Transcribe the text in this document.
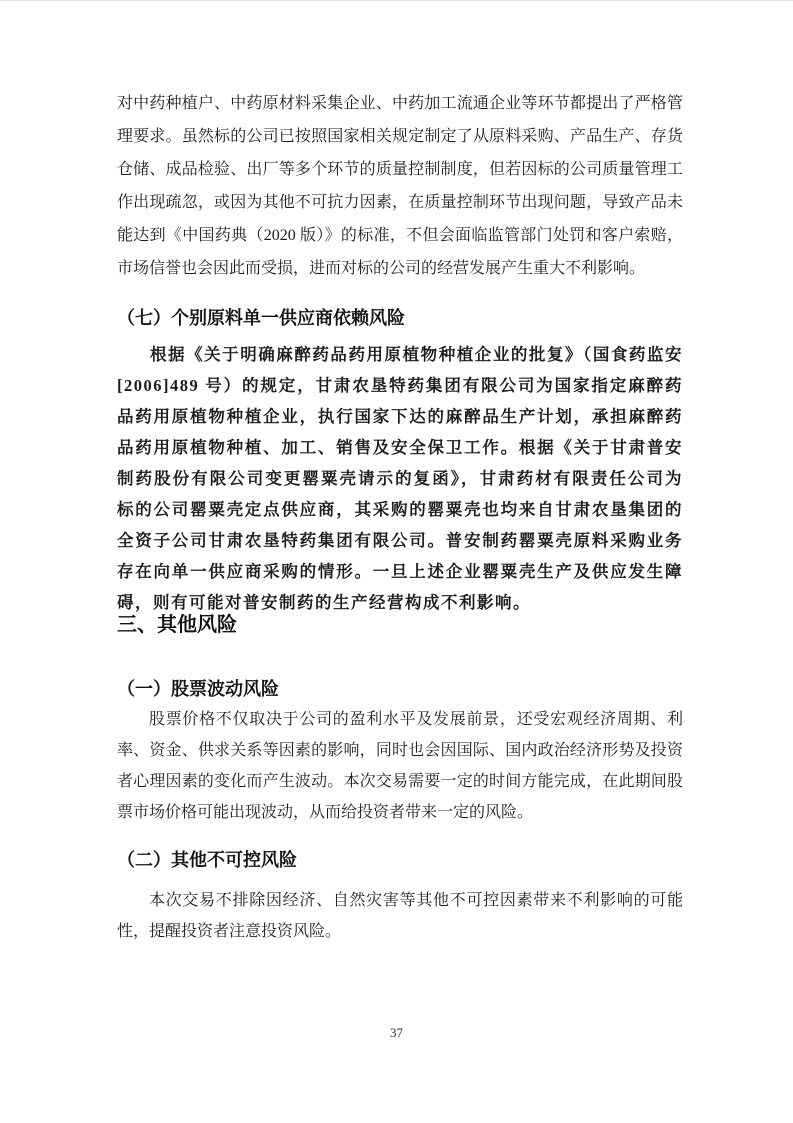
对中药种植户、中药原材料采集企业、中药加工流通企业等环节都提出了严格管理要求。虽然标的公司已按照国家相关规定制定了从原料采购、产品生产、存货仓储、成品检验、出厂等多个环节的质量控制制度，但若因标的公司质量管理工作出现疏忽，或因为其他不可抗力因素，在质量控制环节出现问题，导致产品未能达到《中国药典（2020 版）》的标准，不但会面临监管部门处罚和客户索赔，市场信誉也会因此而受损，进而对标的公司的经营发展产生重大不利影响。
（七）个别原料单一供应商依赖风险
根据《关于明确麻醉药品药用原植物种植企业的批复》（国食药监安[2006]489 号）的规定，甘肃农垦特药集团有限公司为国家指定麻醉药品药用原植物种植企业，执行国家下达的麻醉品生产计划，承担麻醉药品药用原植物种植、加工、销售及安全保卫工作。根据《关于甘肃普安制药股份有限公司变更罂粟壳请示的复函》，甘肃药材有限责任公司为标的公司罂粟壳定点供应商，其采购的罂粟壳也均来自甘肃农垦集团的全资子公司甘肃农垦特药集团有限公司。普安制药罂粟壳原料采购业务存在向单一供应商采购的情形。一旦上述企业罂粟壳生产及供应发生障碍，则有可能对普安制药的生产经营构成不利影响。
三、其他风险
（一）股票波动风险
股票价格不仅取决于公司的盈利水平及发展前景，还受宏观经济周期、利率、资金、供求关系等因素的影响，同时也会因国际、国内政治经济形势及投资者心理因素的变化而产生波动。本次交易需要一定的时间方能完成，在此期间股票市场价格可能出现波动，从而给投资者带来一定的风险。
（二）其他不可控风险
本次交易不排除因经济、自然灾害等其他不可控因素带来不利影响的可能性，提醒投资者注意投资风险。
37
